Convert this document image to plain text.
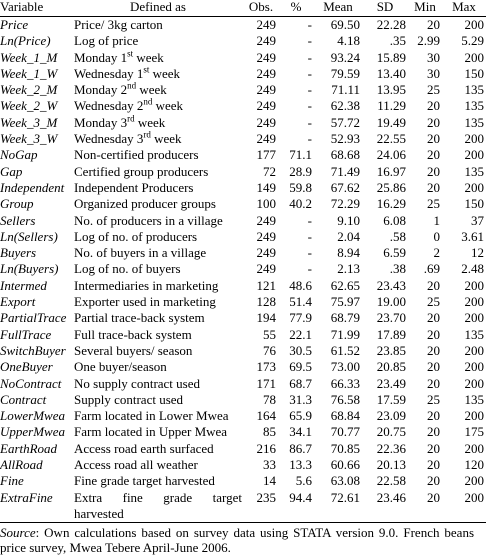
Variable	Defined as	Obs.	%	Mean	SD	Min	Max
Price	Price/ 3kg carton	249	-	69.50	22.28	20	200
Ln(Price)	Log of price	249	-	4.18	.35	2.99	5.29
Week_1_M	Monday 1st week	249	-	93.24	15.89	30	200
Week_1_W	Wednesday 1st week	249	-	79.59	13.40	30	150
Week_2_M	Monday 2nd week	249	-	71.11	13.95	25	135
Week_2_W	Wednesday 2nd week	249	-	62.38	11.29	20	135
Week_3_M	Monday 3rd week	249	-	57.72	19.49	20	135
Week_3_W	Wednesday 3rd week	249	-	52.93	22.55	20	200
NoGap	Non-certified producers	177	71.1	68.68	24.06	20	200
Gap	Certified group producers	72	28.9	71.49	16.97	20	135
Independent	Independent Producers	149	59.8	67.62	25.86	20	200
Group	Organized producer groups	100	40.2	72.29	16.29	25	150
Sellers	No. of producers in a village	249	-	9.10	6.08	1	37
Ln(Sellers)	Log of no. of producers	249	-	2.04	.58	0	3.61
Buyers	No. of buyers in a village	249	-	8.94	6.59	2	12
Ln(Buyers)	Log of no. of buyers	249	-	2.13	.38	.69	2.48
Intermed	Intermediaries in marketing	121	48.6	62.65	23.43	20	200
Export	Exporter used in marketing	128	51.4	75.97	19.00	25	200
PartialTrace	Partial trace-back system	194	77.9	68.79	23.70	20	200
FullTrace	Full trace-back system	55	22.1	71.99	17.89	20	135
SwitchBuyer	Several buyers/ season	76	30.5	61.52	23.85	20	200
OneBuyer	One buyer/season	173	69.5	73.00	20.85	20	200
NoContract	No supply contract used	171	68.7	66.33	23.49	20	200
Contract	Supply contract used	78	31.3	76.58	17.59	25	135
LowerMwea	Farm located in Lower Mwea	164	65.9	68.84	23.09	20	200
UpperMwea	Farm located in Upper Mwea	85	34.1	70.77	20.75	20	175
EarthRoad	Access road earth surfaced	216	86.7	70.85	22.36	20	200
AllRoad	Access road all weather	33	13.3	60.66	20.13	20	120
Fine	Fine grade target harvested	14	5.6	63.08	22.58	20	200
ExtraFine	Extra fine grade target harvested	235	94.4	72.61	23.46	20	200
Source: Own calculations based on survey data using STATA version 9.0. French beans price survey, Mwea Tebere April-June 2006.
